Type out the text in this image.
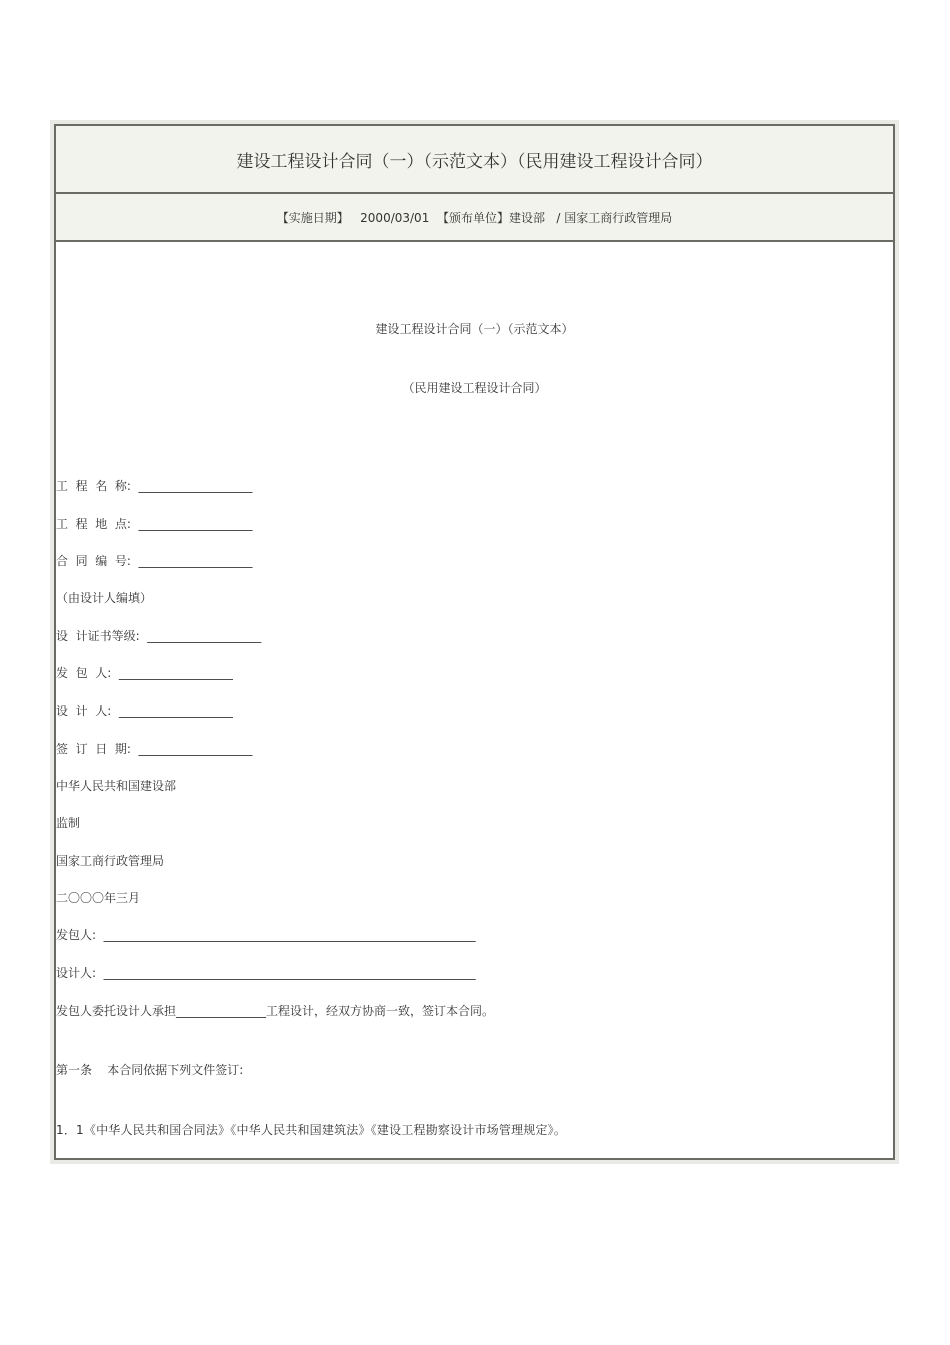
建设工程设计合同（一）（示范文本）（民用建设工程设计合同）
【实施日期】   2000/03/01  【颁布单位】建设部   / 国家工商行政管理局
建设工程设计合同（一）（示范文本）
（民用建设工程设计合同）
工  程  名  称:  ___________________
工  程  地  点:  ___________________
合  同  编  号:  ___________________
（由设计人编填）
设  计证书等级:  ___________________
发  包  人:  ___________________
设  计  人:  ___________________
签  订  日  期:  ___________________
中华人民共和国建设部
监制
国家工商行政管理局
二〇〇〇年三月
发包人:  ______________________________________________________________
设计人:  ______________________________________________________________
发包人委托设计人承担_______________工程设计，经双方协商一致，签订本合同。
第一条    本合同依据下列文件签订:
1．1《中华人民共和国合同法》《中华人民共和国建筑法》《建设工程勘察设计市场管理规定》。
